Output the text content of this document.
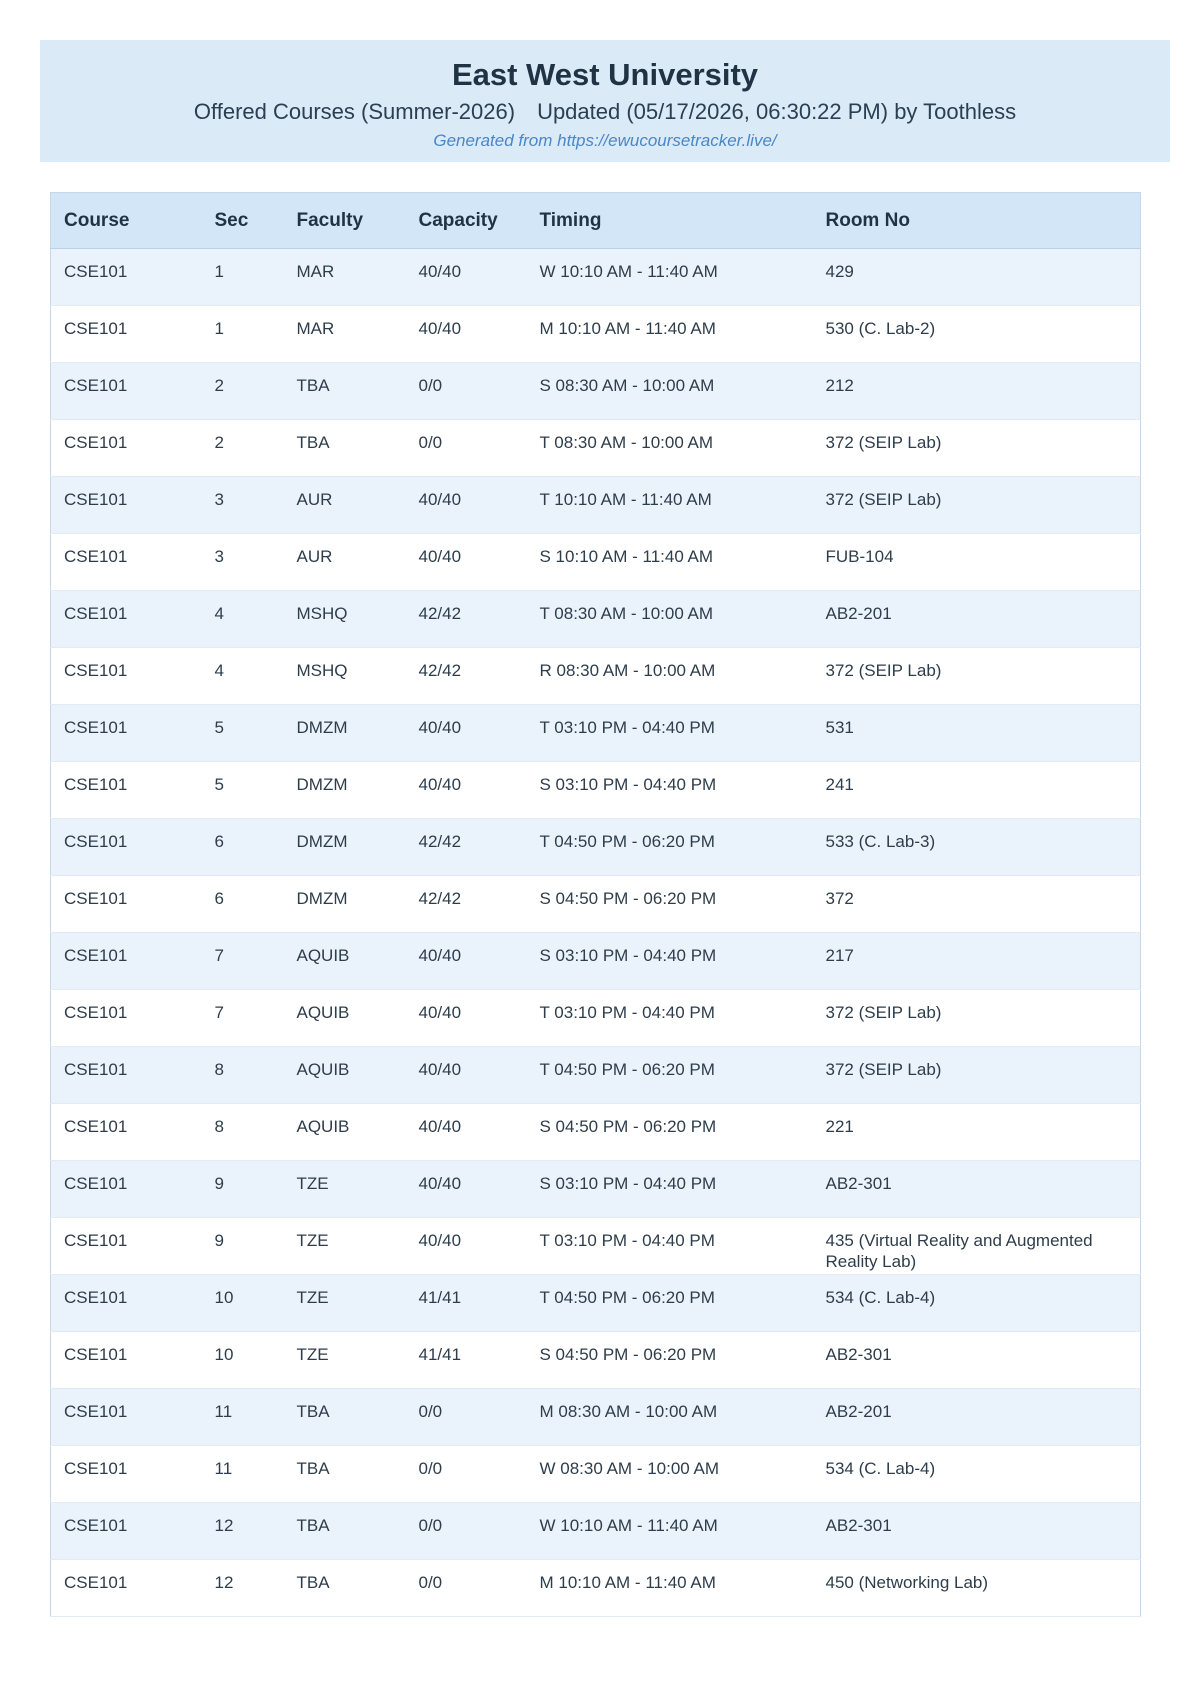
East West University
Offered Courses (Summer-2026) Updated (05/17/2026, 06:30:22 PM) by Toothless
Generated from https://ewucoursetracker.live/
Course	Sec	Faculty	Capacity	Timing	Room No
CSE101	1	MAR	40/40	W 10:10 AM - 11:40 AM	429
CSE101	1	MAR	40/40	M 10:10 AM - 11:40 AM	530 (C. Lab-2)
CSE101	2	TBA	0/0	S 08:30 AM - 10:00 AM	212
CSE101	2	TBA	0/0	T 08:30 AM - 10:00 AM	372 (SEIP Lab)
CSE101	3	AUR	40/40	T 10:10 AM - 11:40 AM	372 (SEIP Lab)
CSE101	3	AUR	40/40	S 10:10 AM - 11:40 AM	FUB-104
CSE101	4	MSHQ	42/42	T 08:30 AM - 10:00 AM	AB2-201
CSE101	4	MSHQ	42/42	R 08:30 AM - 10:00 AM	372 (SEIP Lab)
CSE101	5	DMZM	40/40	T 03:10 PM - 04:40 PM	531
CSE101	5	DMZM	40/40	S 03:10 PM - 04:40 PM	241
CSE101	6	DMZM	42/42	T 04:50 PM - 06:20 PM	533 (C. Lab-3)
CSE101	6	DMZM	42/42	S 04:50 PM - 06:20 PM	372
CSE101	7	AQUIB	40/40	S 03:10 PM - 04:40 PM	217
CSE101	7	AQUIB	40/40	T 03:10 PM - 04:40 PM	372 (SEIP Lab)
CSE101	8	AQUIB	40/40	T 04:50 PM - 06:20 PM	372 (SEIP Lab)
CSE101	8	AQUIB	40/40	S 04:50 PM - 06:20 PM	221
CSE101	9	TZE	40/40	S 03:10 PM - 04:40 PM	AB2-301
CSE101	9	TZE	40/40	T 03:10 PM - 04:40 PM	435 (Virtual Reality and Augmented Reality Lab)
CSE101	10	TZE	41/41	T 04:50 PM - 06:20 PM	534 (C. Lab-4)
CSE101	10	TZE	41/41	S 04:50 PM - 06:20 PM	AB2-301
CSE101	11	TBA	0/0	M 08:30 AM - 10:00 AM	AB2-201
CSE101	11	TBA	0/0	W 08:30 AM - 10:00 AM	534 (C. Lab-4)
CSE101	12	TBA	0/0	W 10:10 AM - 11:40 AM	AB2-301
CSE101	12	TBA	0/0	M 10:10 AM - 11:40 AM	450 (Networking Lab)
